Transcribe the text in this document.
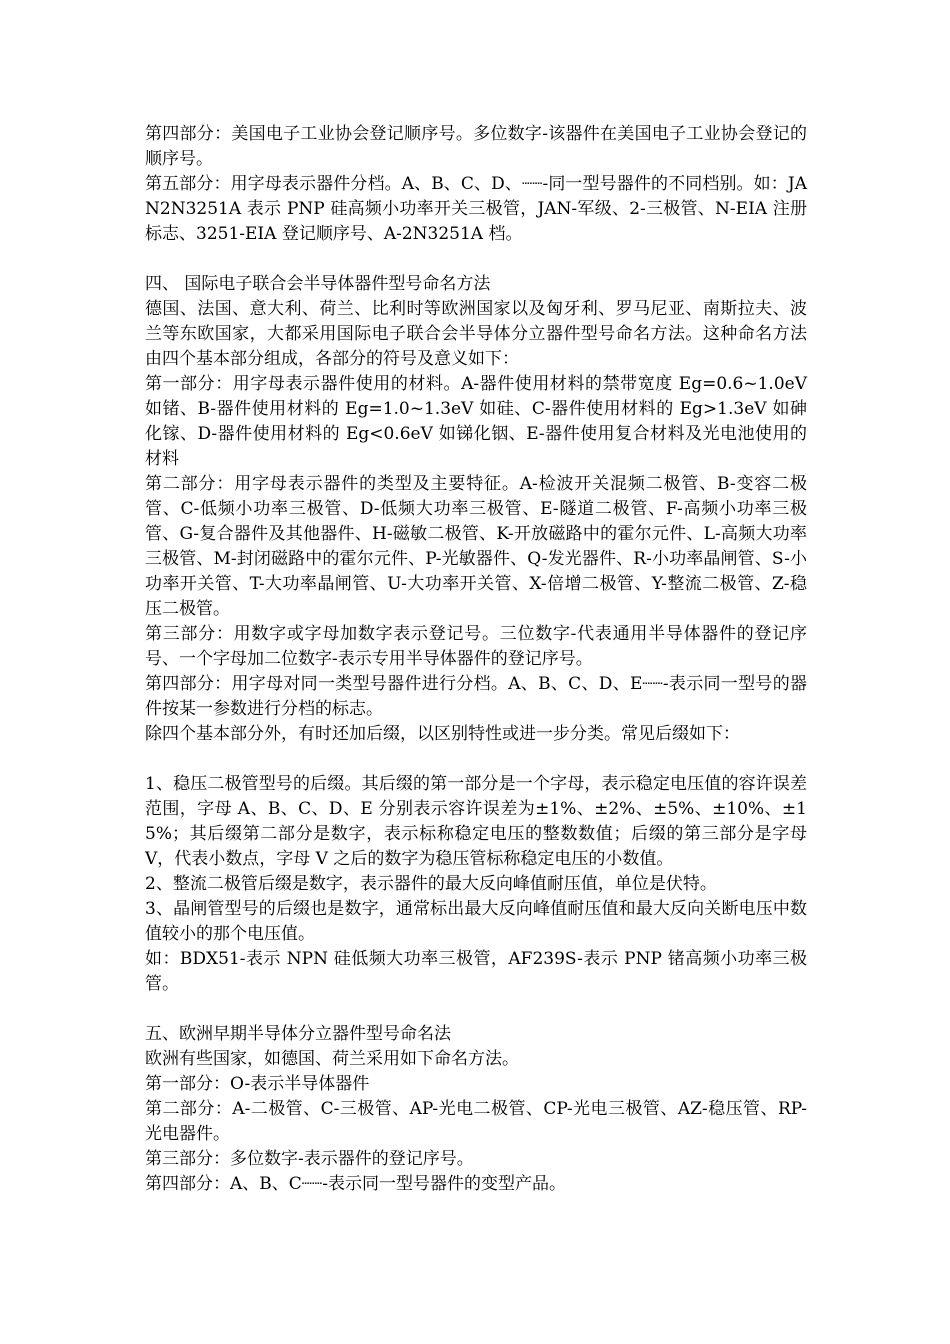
第四部分：美国电子工业协会登记顺序号。多位数字-该器件在美国电子工业协会登记的顺序号。

第五部分：用字母表示器件分档。A、B、C、D、┈┈-同一型号器件的不同档别。如：JAN2N3251A 表示 PNP 硅高频小功率开关三极管，JAN-军级、2-三极管、N-EIA 注册标志、3251-EIA 登记顺序号、A-2N3251A 档。

四、 国际电子联合会半导体器件型号命名方法

德国、法国、意大利、荷兰、比利时等欧洲国家以及匈牙利、罗马尼亚、南斯拉夫、波兰等东欧国家，大都采用国际电子联合会半导体分立器件型号命名方法。这种命名方法由四个基本部分组成，各部分的符号及意义如下：

第一部分：用字母表示器件使用的材料。A-器件使用材料的禁带宽度 Eg=0.6~1.0eV 如锗、B-器件使用材料的 Eg=1.0~1.3eV 如硅、C-器件使用材料的 Eg>1.3eV 如砷化镓、D-器件使用材料的 Eg<0.6eV 如锑化铟、E-器件使用复合材料及光电池使用的材料

第二部分：用字母表示器件的类型及主要特征。A-检波开关混频二极管、B-变容二极管、C-低频小功率三极管、D-低频大功率三极管、E-隧道二极管、F-高频小功率三极管、G-复合器件及其他器件、H-磁敏二极管、K-开放磁路中的霍尔元件、L-高频大功率三极管、M-封闭磁路中的霍尔元件、P-光敏器件、Q-发光器件、R-小功率晶闸管、S-小功率开关管、T-大功率晶闸管、U-大功率开关管、X-倍增二极管、Y-整流二极管、Z-稳压二极管。

第三部分：用数字或字母加数字表示登记号。三位数字-代表通用半导体器件的登记序号、一个字母加二位数字-表示专用半导体器件的登记序号。

第四部分：用字母对同一类型号器件进行分档。A、B、C、D、E┈┈-表示同一型号的器件按某一参数进行分档的标志。

除四个基本部分外，有时还加后缀，以区别特性或进一步分类。常见后缀如下：

1、稳压二极管型号的后缀。其后缀的第一部分是一个字母，表示稳定电压值的容许误差范围，字母 A、B、C、D、E 分别表示容许误差为±1%、±2%、±5%、±10%、±15%；其后缀第二部分是数字，表示标称稳定电压的整数数值；后缀的第三部分是字母 V，代表小数点，字母 V 之后的数字为稳压管标称稳定电压的小数值。

2、整流二极管后缀是数字，表示器件的最大反向峰值耐压值，单位是伏特。

3、晶闸管型号的后缀也是数字，通常标出最大反向峰值耐压值和最大反向关断电压中数值较小的那个电压值。

如：BDX51-表示 NPN 硅低频大功率三极管，AF239S-表示 PNP 锗高频小功率三极管。

五、欧洲早期半导体分立器件型号命名法

欧洲有些国家，如德国、荷兰采用如下命名方法。

第一部分：O-表示半导体器件

第二部分：A-二极管、C-三极管、AP-光电二极管、CP-光电三极管、AZ-稳压管、RP-光电器件。

第三部分：多位数字-表示器件的登记序号。

第四部分：A、B、C┈┈-表示同一型号器件的变型产品。
